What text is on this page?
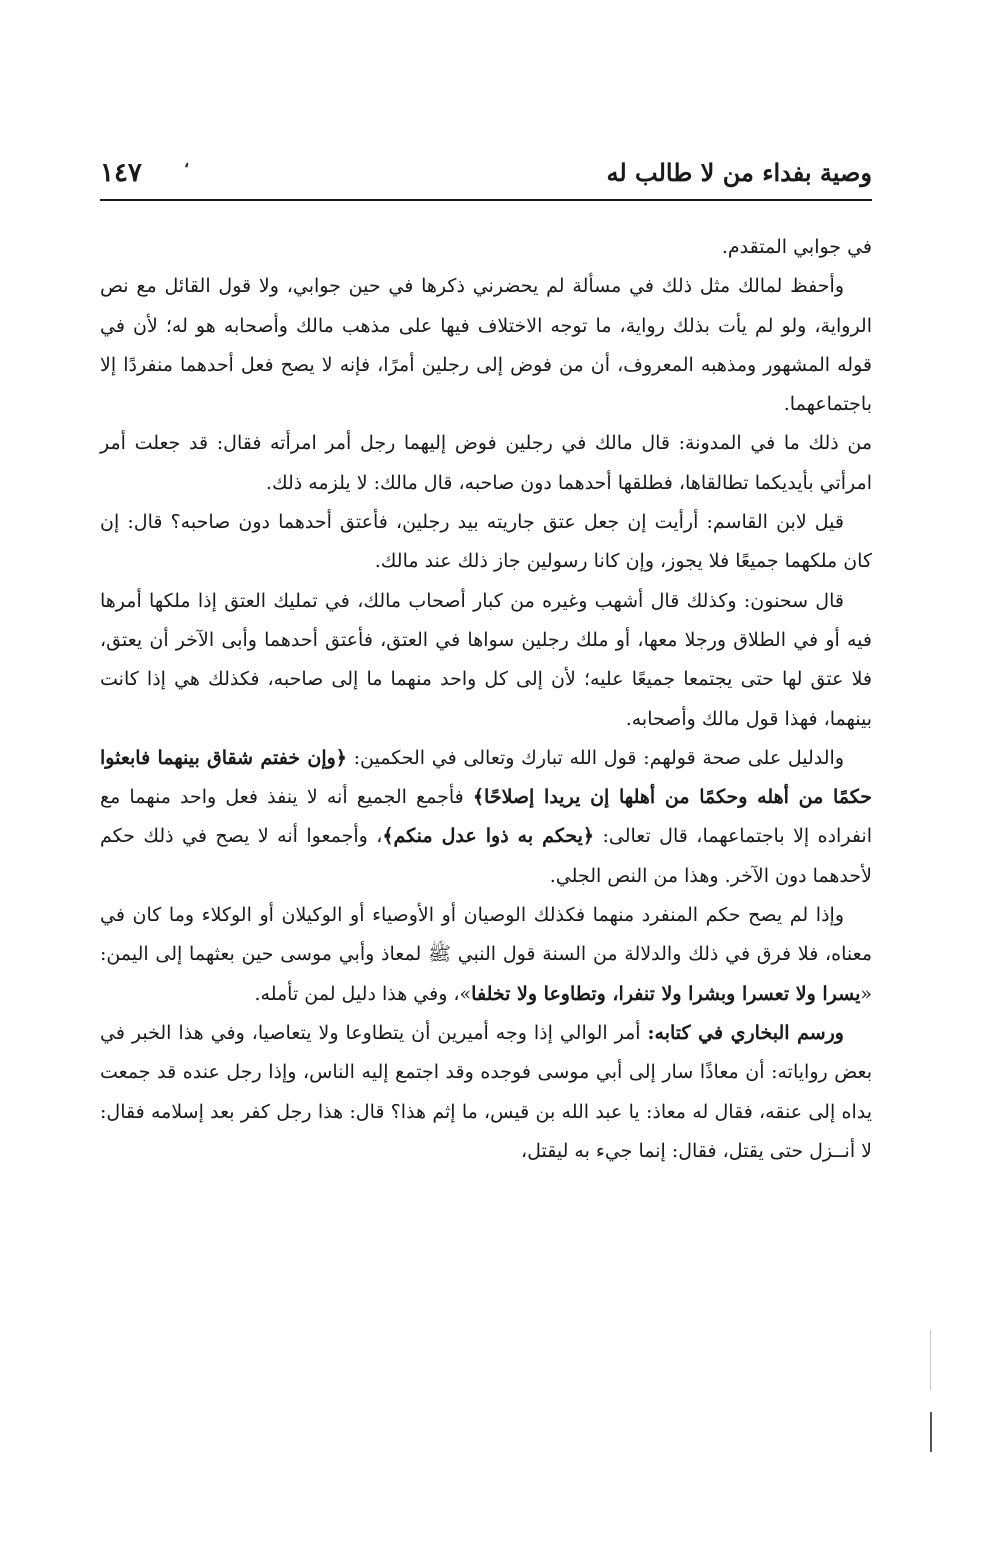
وصية بفداء من لا طالب له
،
١٤٧

في جوابي المتقدم.

وأحفظ لمالك مثل ذلك في مسألة لم يحضرني ذكرها في حين جوابي، ولا قول القائل مع نص الرواية، ولو لم يأت بذلك رواية، ما توجه الاختلاف فيها على مذهب مالك وأصحابه هو له؛ لأن في قوله المشهور ومذهبه المعروف، أن من فوض إلى رجلين أمرًا، فإنه لا يصح فعل أحدهما منفردًا إلا باجتماعهما.

من ذلك ما في المدونة: قال مالك في رجلين فوض إليهما رجل أمر امرأته فقال: قد جعلت أمر امرأتي بأيديكما تطالقاها، فطلقها أحدهما دون صاحبه، قال مالك: لا يلزمه ذلك.

قيل لابن القاسم: أرأيت إن جعل عتق جاريته بيد رجلين، فأعتق أحدهما دون صاحبه؟ قال: إن كان ملكهما جميعًا فلا يجوز، وإن كانا رسولين جاز ذلك عند مالك.

قال سحنون: وكذلك قال أشهب وغيره من كبار أصحاب مالك، في تمليك العتق إذا ملكها أمرها فيه أو في الطلاق ورجلا معها، أو ملك رجلين سواها في العتق، فأعتق أحدهما وأبى الآخر أن يعتق، فلا عتق لها حتى يجتمعا جميعًا عليه؛ لأن إلى كل واحد منهما ما إلى صاحبه، فكذلك هي إذا كانت بينهما، فهذا قول مالك وأصحابه.

والدليل على صحة قولهم: قول الله تبارك وتعالى في الحكمين: ﴿وإن خفتم شقاق بينهما فابعثوا حكمًا من أهله وحكمًا من أهلها إن يريدا إصلاحًا﴾ فأجمع الجميع أنه لا ينفذ فعل واحد منهما مع انفراده إلا باجتماعهما، قال تعالى: ﴿يحكم به ذوا عدل منكم﴾، وأجمعوا أنه لا يصح في ذلك حكم لأحدهما دون الآخر. وهذا من النص الجلي.

وإذا لم يصح حكم المنفرد منهما فكذلك الوصيان أو الأوصياء أو الوكيلان أو الوكلاء وما كان في معناه، فلا فرق في ذلك والدلالة من السنة قول النبي ﷺ لمعاذ وأبي موسى حين بعثهما إلى اليمن: «يسرا ولا تعسرا وبشرا ولا تنفرا، وتطاوعا ولا تخلفا»، وفي هذا دليل لمن تأمله.

ورسم البخاري في كتابه: أمر الوالي إذا وجه أميرين أن يتطاوعا ولا يتعاصيا، وفي هذا الخبر في بعض رواياته: أن معاذًا سار إلى أبي موسى فوجده وقد اجتمع إليه الناس، وإذا رجل عنده قد جمعت يداه إلى عنقه، فقال له معاذ: يا عبد الله بن قيس، ما إثم هذا؟ قال: هذا رجل كفر بعد إسلامه فقال: لا أنــزل حتى يقتل، فقال: إنما جيء به ليقتل،
